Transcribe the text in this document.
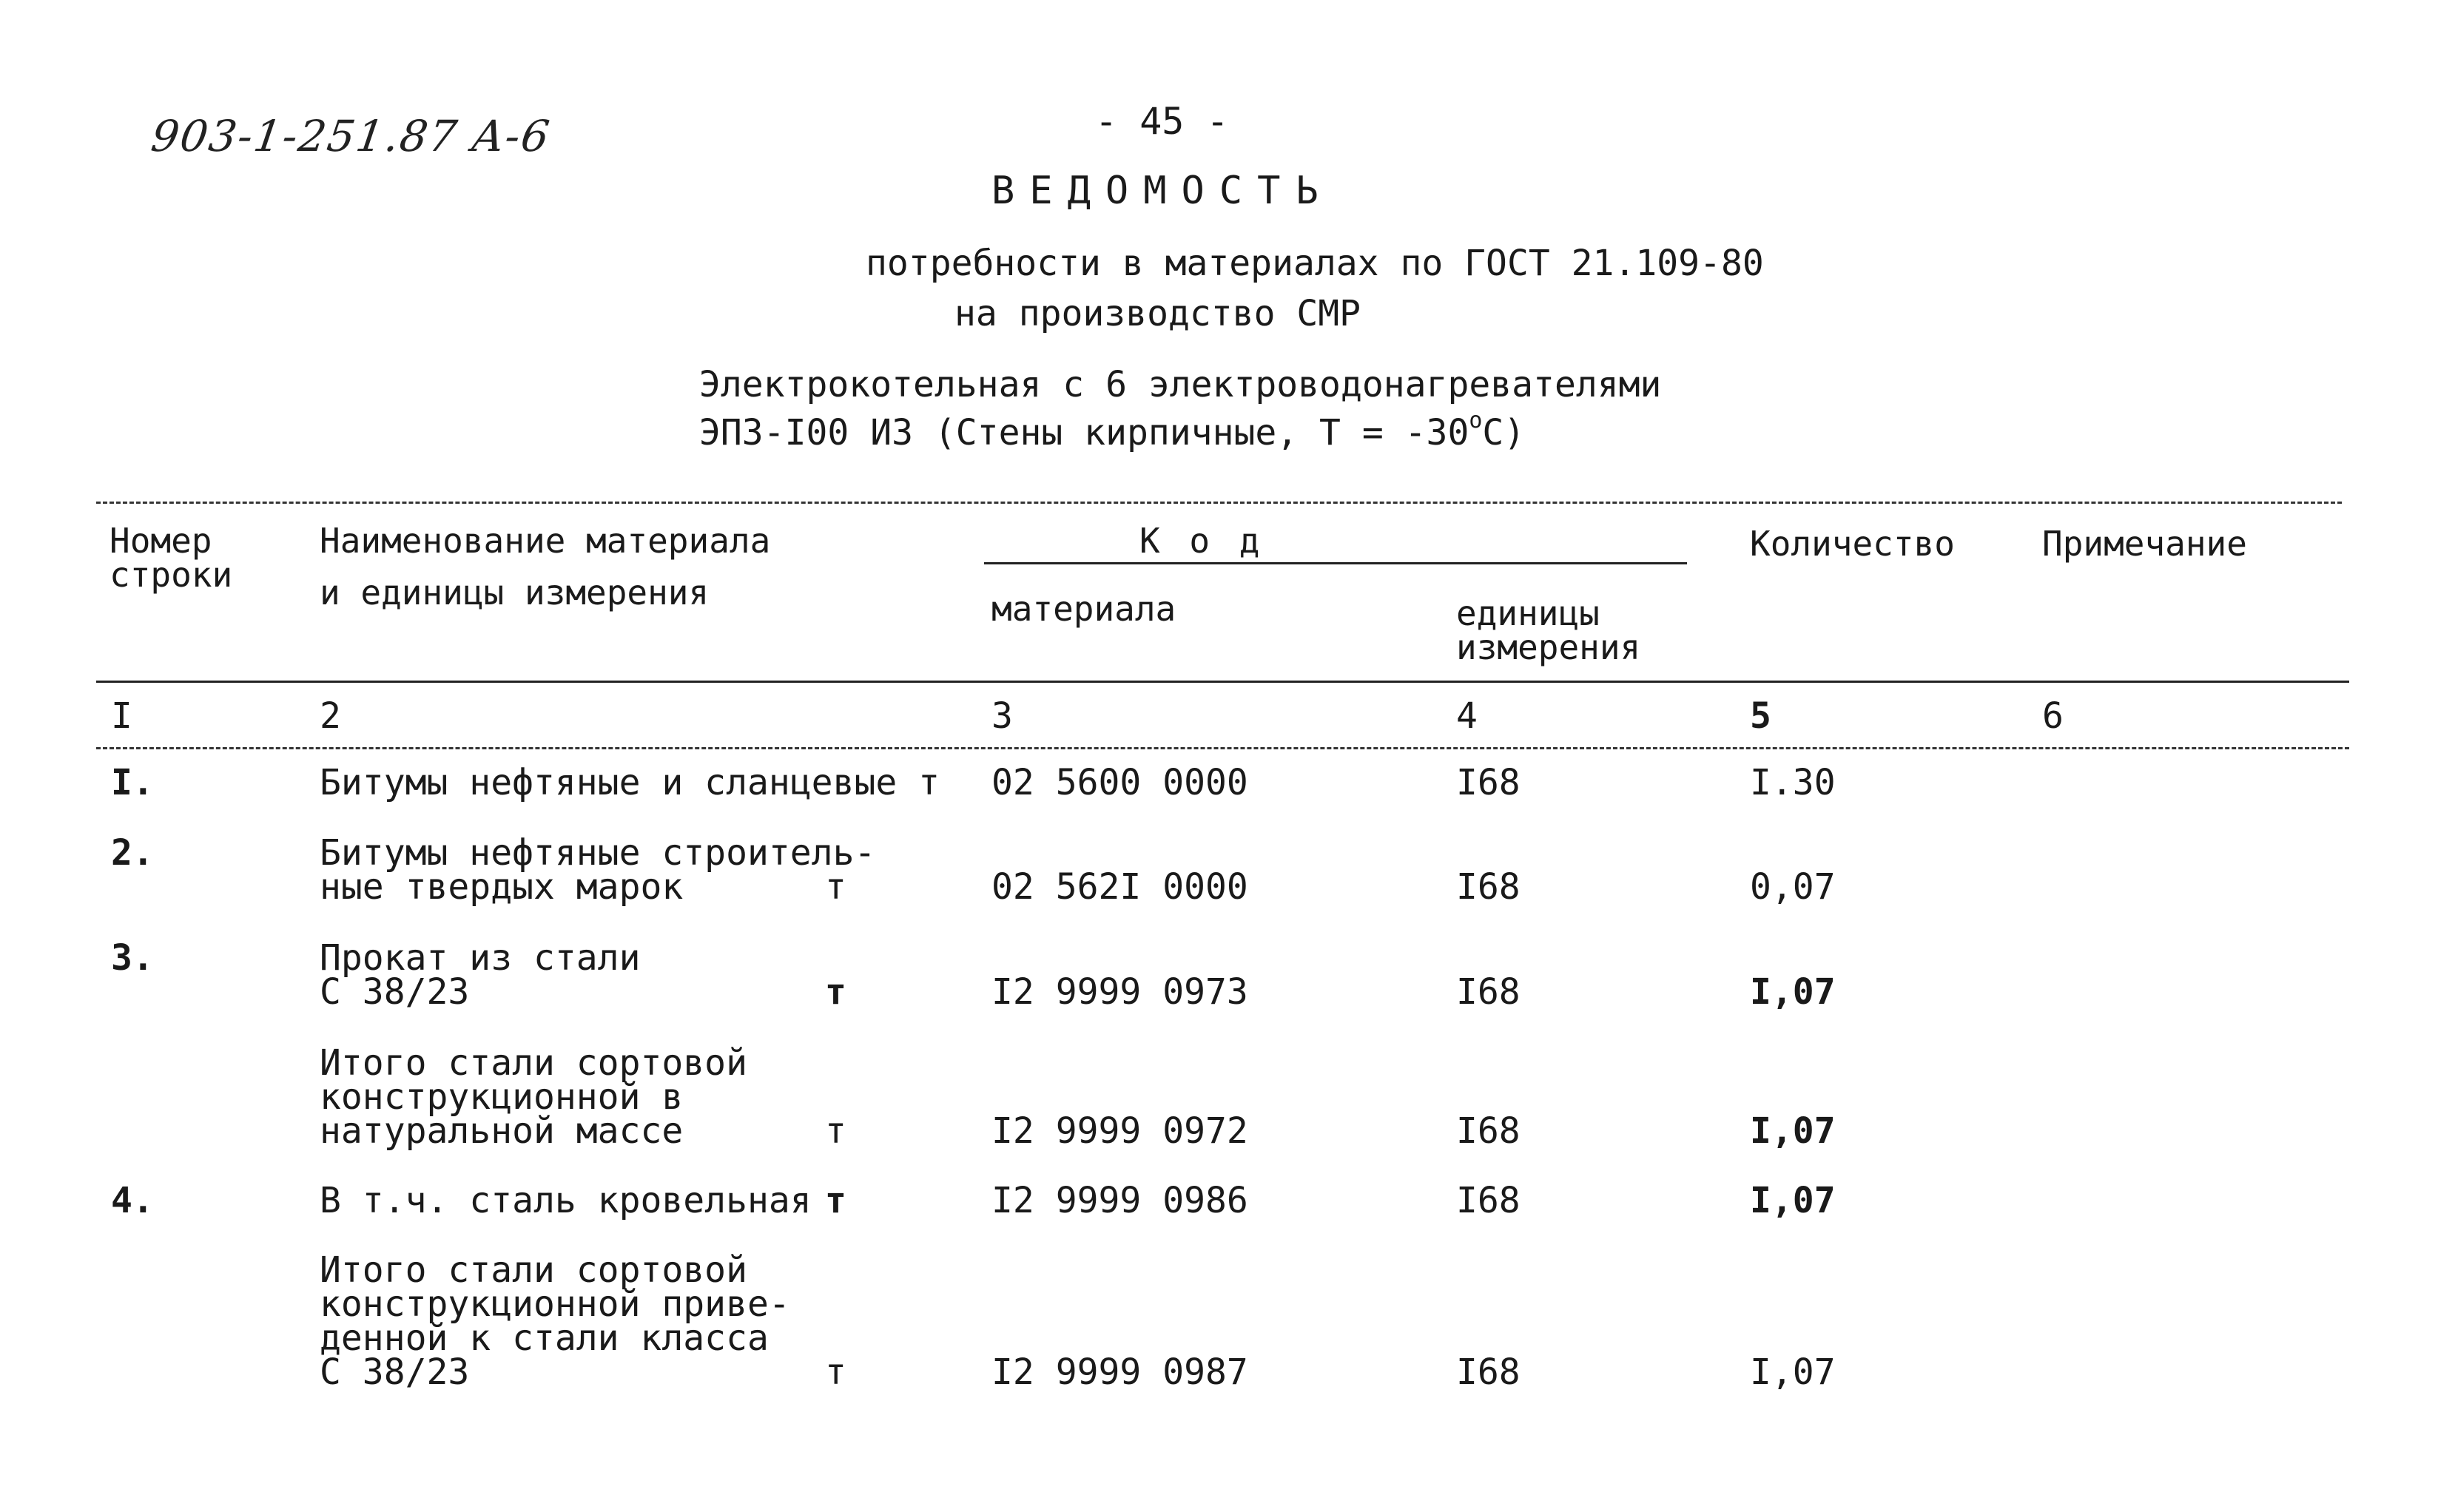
903-1-251.87 A-6	- 45 -
ВЕДОМОСТЬ
потребности в материалах по ГОСТ 21.109-80
на производство СМР
Электрокотельная с 6 электроводонагревателями
ЭПЗ-I00 ИЗ (Стены кирпичные, $Т = -30^оС$)
Номер
строки
Наименование материала
и единицы измерения
К о д
материала	единицы
измерения
Количество	Примечание
I	2	3	4	5	6
I.	Битумы нефтяные и сланцевые т 02 5600 0000	I68	I.30
2.	Битумы нефтяные строитель-
ные твердых марок	т	02 562I 0000	I68	0,07
3.	Прокат из стали
С 38/23	т	I2 9999 0973	I68	I,07
Итого стали сортовой
конструкционной в
натуральной массе	т	I2 9999 0972	I68	I,07
4.	В т.ч. сталь кровельная т	I2 9999 0986	I68	I,07
Итого стали сортовой
конструкционной приве-
денной к стали класса
С 38/23	т	I2 9999 0987	I68	I,07
